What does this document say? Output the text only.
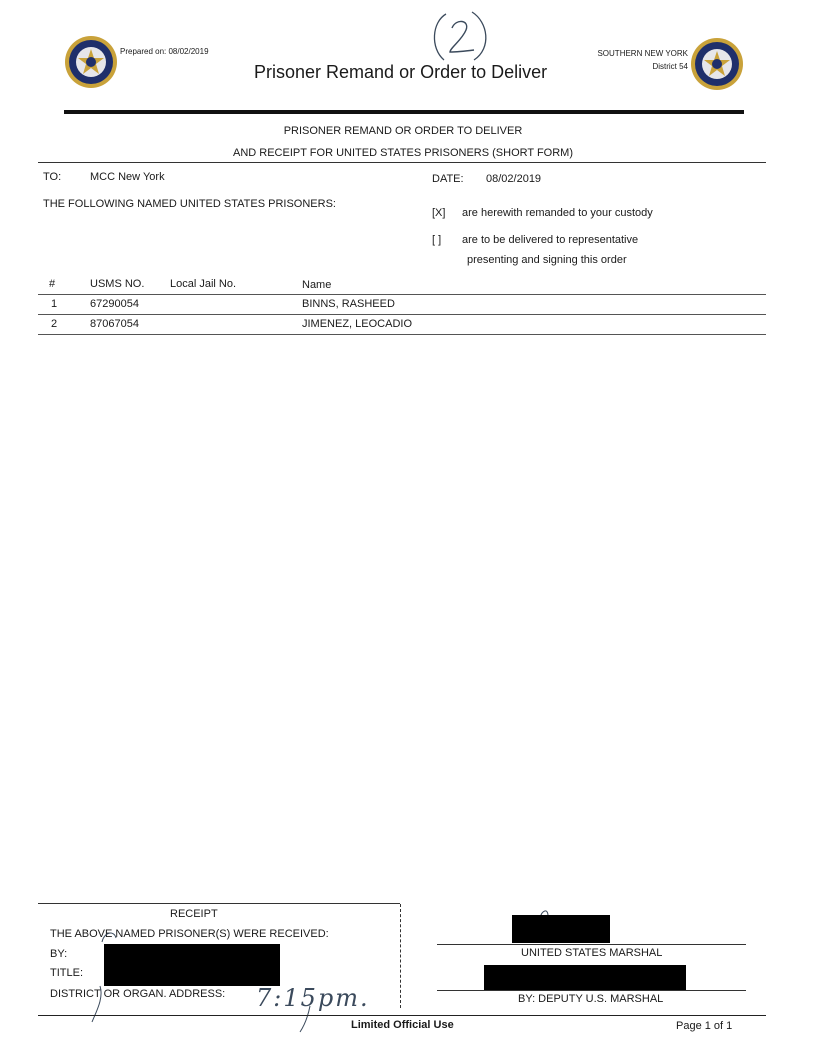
Prepared on: 08/02/2019
Prisoner Remand or Order to Deliver
SOUTHERN NEW YORK
District 54
PRISONER REMAND OR ORDER TO DELIVER
AND RECEIPT FOR UNITED STATES PRISONERS (SHORT FORM)
TO:	MCC New York	DATE: 08/02/2019
THE FOLLOWING NAMED UNITED STATES PRISONERS:
[X] are herewith remanded to your custody
[ ] are to be delivered to representative
presenting and signing this order
#	USMS NO. Local Jail No.	Name
1	67290054	BINNS, RASHEED
2	87067054	JIMENEZ, LEOCADIO
RECEIPT
THE ABOVE NAMED PRISONER(S) WERE RECEIVED:
BY:
TITLE:
DISTRICT OR ORGAN. ADDRESS: 7:15pm.
UNITED STATES MARSHAL
BY: DEPUTY U.S. MARSHAL
Limited Official Use	Page 1 of 1
